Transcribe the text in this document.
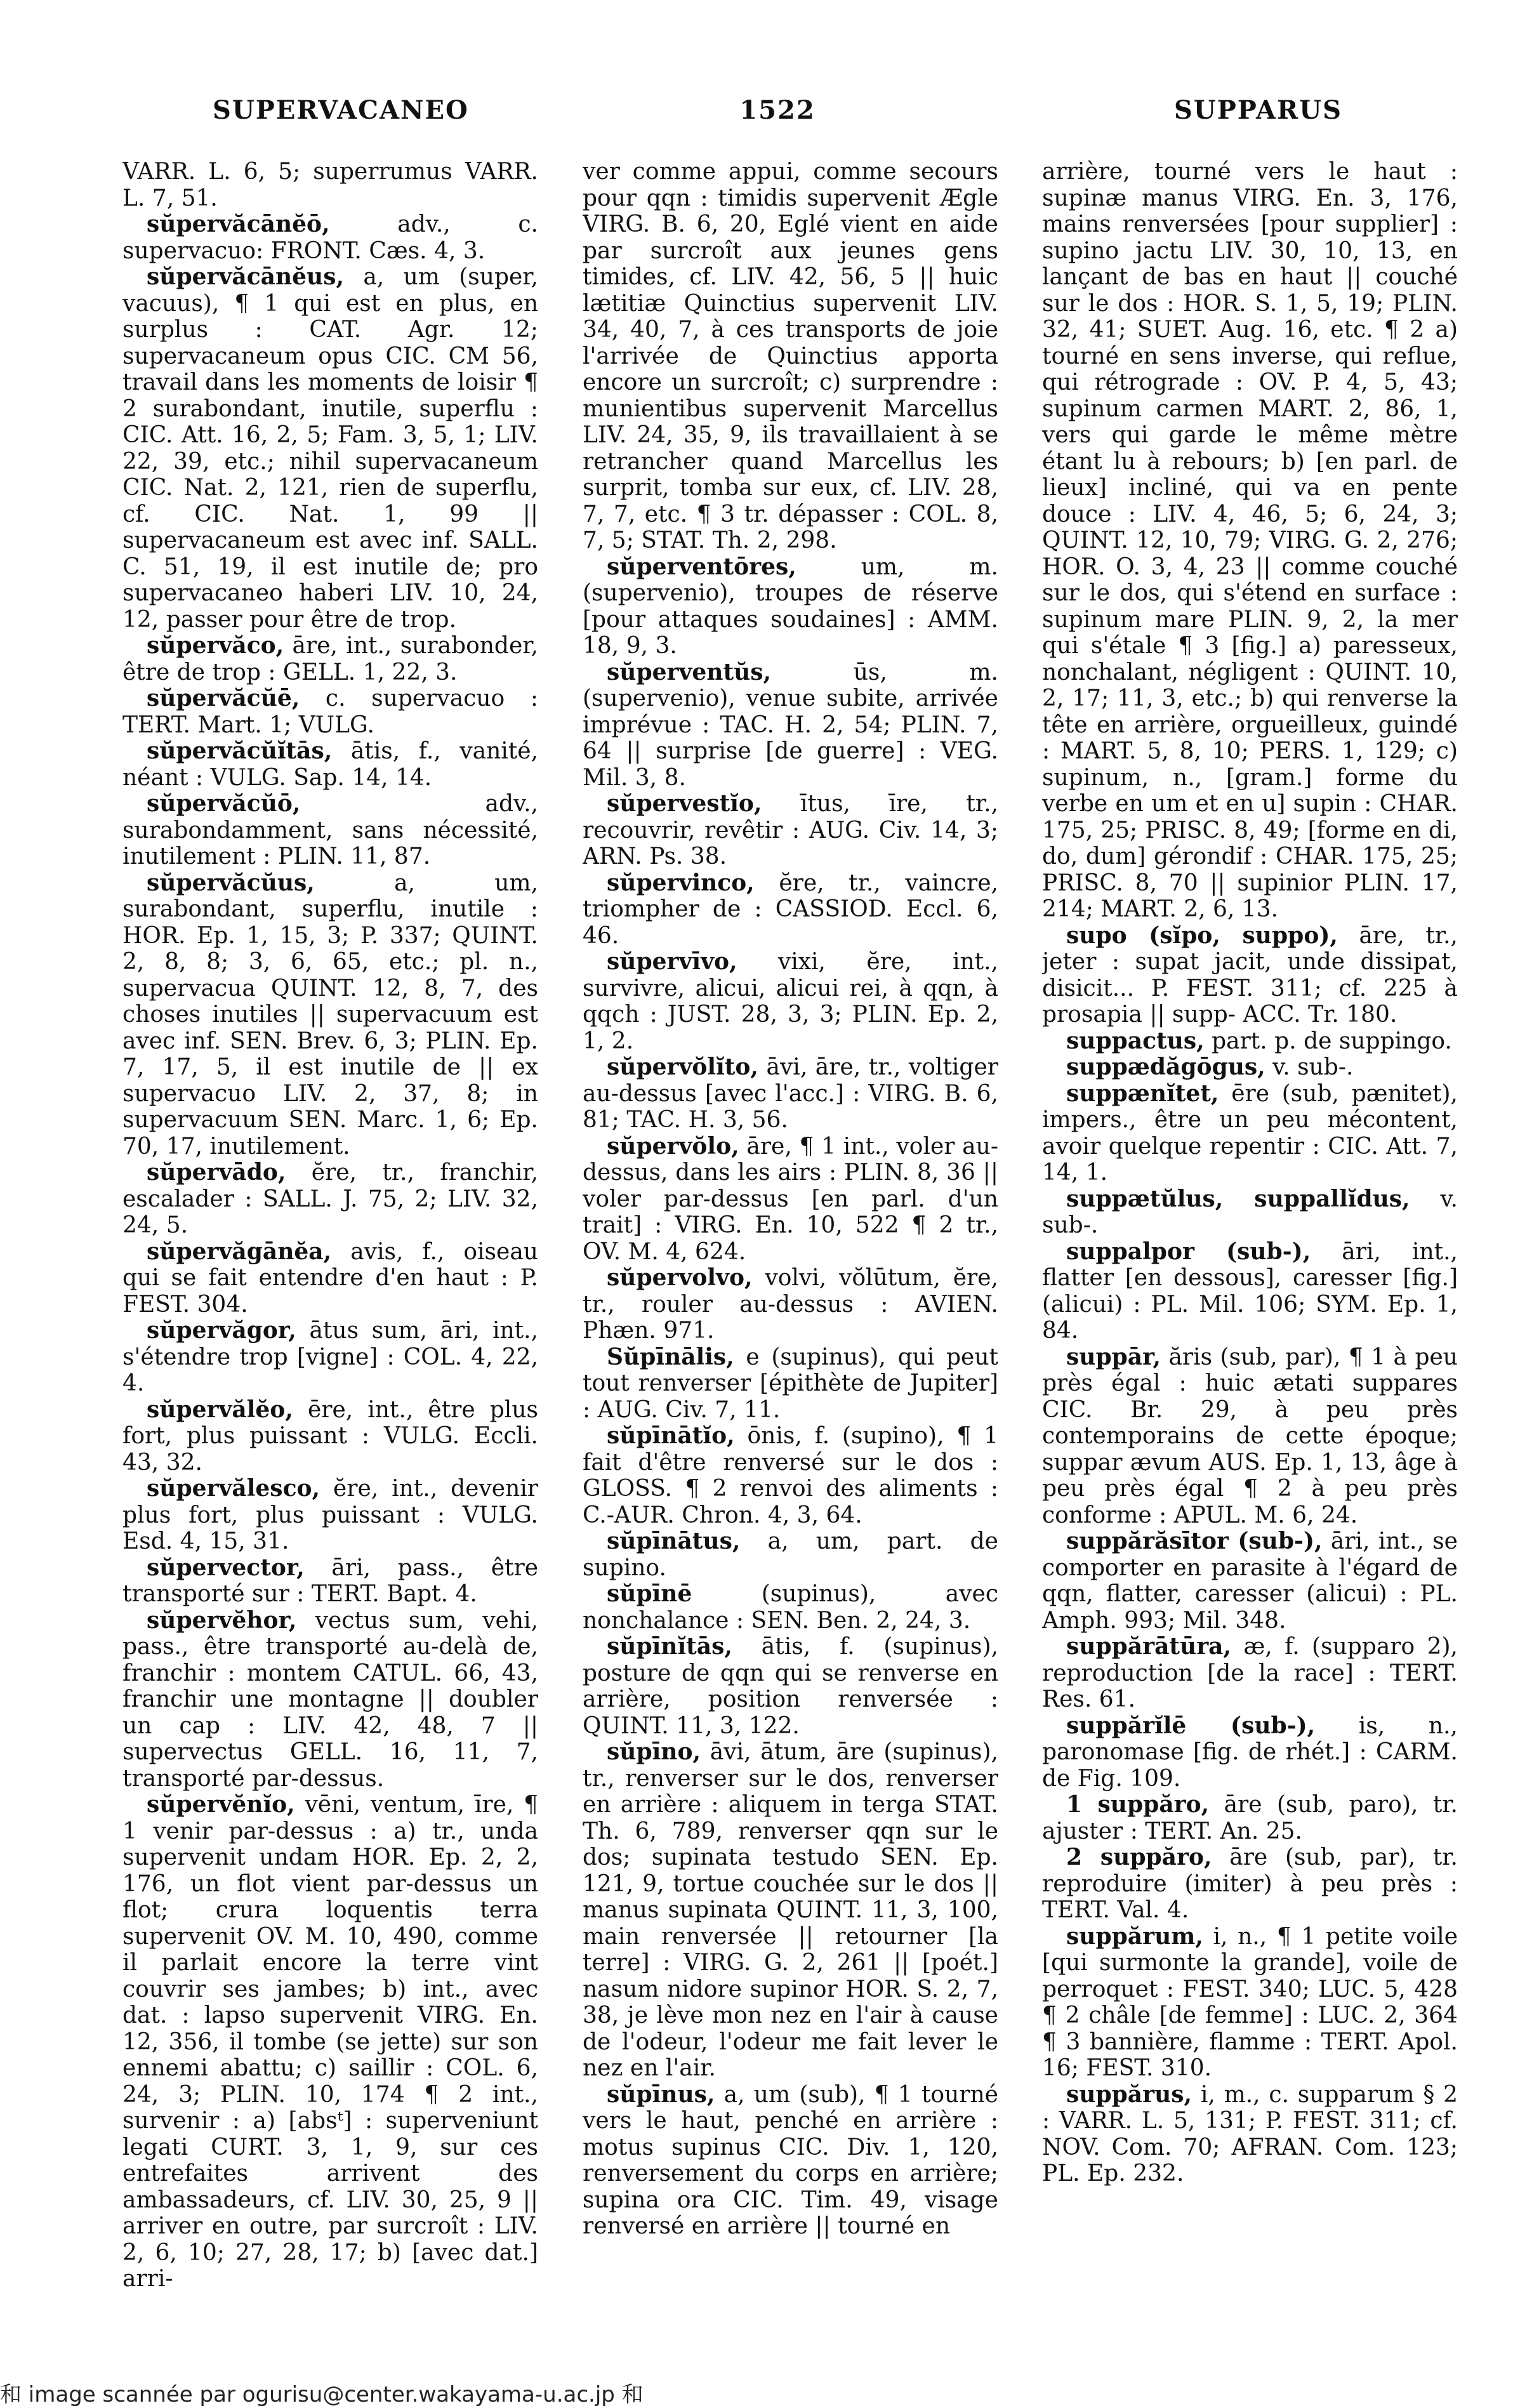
SUPERVACANEO	1522	SUPPARUS

VARR. L. 6, 5; superrumus VARR. L. 7, 51.

sŭpervăcānĕō,	adv., c. supervacuo: FRONT. Cæs. 4, 3.

sŭpervăcānĕus, a, um (super, vacuus), ¶ 1 qui est en plus, en surplus : CAT. Agr. 12; supervacaneum opus CIC. CM 56, travail dans les moments de loisir ¶ 2 surabondant, inutile, superflu : CIC. Att. 16, 2, 5; Fam. 3, 5, 1; LIV. 22, 39, etc.; nihil supervacaneum CIC. Nat. 2, 121, rien de superflu, cf. CIC. Nat. 1, 99 || supervacaneum est avec inf. SALL. C. 51, 19, il est inutile de; pro supervacaneo haberi LIV. 10, 24, 12, passer pour être de trop.

sŭpervăco, āre, int., surabonder, être de trop : GELL. 1, 22, 3.

sŭpervăcŭē, c. supervacuo : TERT. Mart. 1; VULG.

sŭpervăcŭĭtās, ātis, f., vanité, néant : VULG. Sap. 14, 14.

sŭpervăcŭō,	adv., surabondamment, sans nécessité, inutilement : PLIN. 11, 87.

sŭpervăcŭus,	a, um, surabondant, superflu, inutile : HOR. Ep. 1, 15, 3; P. 337; QUINT. 2, 8, 8; 3, 6, 65, etc.; pl. n., supervacua QUINT. 12, 8, 7, des choses inutiles || supervacuum est avec inf. SEN. Brev. 6, 3; PLIN. Ep. 7, 17, 5, il est inutile de || ex supervacuo LIV. 2, 37, 8; in supervacuum SEN. Marc. 1, 6; Ep. 70, 17, inutilement.

sŭpervādo, ĕre, tr., franchir, escalader : SALL. J. 75, 2; LIV. 32, 24, 5.

sŭpervăgānĕa, avis, f., oiseau qui se fait entendre d'en haut : P. FEST. 304.

sŭpervăgor, ātus sum, āri, int., s'étendre trop [vigne] : COL. 4, 22, 4.

sŭpervălĕo, ēre, int., être plus fort, plus puissant : VULG. Eccli. 43, 32.

sŭpervălesco, ĕre, int., devenir plus fort, plus puissant : VULG. Esd. 4, 15, 31.

sŭpervector, āri, pass., être transporté sur : TERT. Bapt. 4.

sŭpervĕhor, vectus sum, vehi, pass., être transporté au-delà de, franchir : montem CATUL. 66, 43, franchir une montagne || doubler un cap : LIV. 42, 48, 7 || supervectus GELL. 16, 11, 7, transporté par-dessus.

sŭpervĕnĭo, vēni, ventum, īre, ¶ 1 venir par-dessus : a) tr., unda supervenit undam HOR. Ep. 2, 2, 176, un flot vient par-dessus un flot; crura loquentis terra supervenit OV. M. 10, 490, comme il parlait encore la terre vint couvrir ses jambes; b) int., avec dat. : lapso supervenit VIRG. En. 12, 356, il tombe (se jette) sur son ennemi abattu; c) saillir : COL. 6, 24, 3; PLIN. 10, 174 ¶ 2 int., survenir : a) [absᵗ] : superveniunt legati CURT. 3, 1, 9, sur ces entrefaites arrivent des ambassadeurs, cf. LIV. 30, 25, 9 || arriver en outre, par surcroît : LIV. 2, 6, 10; 27, 28, 17; b) [avec dat.] arri-

ver comme appui, comme secours pour qqn : timidis supervenit Ægle VIRG. B. 6, 20, Eglé vient en aide par surcroît aux jeunes gens timides, cf. LIV. 42, 56, 5 || huic lætitiæ Quinctius supervenit LIV. 34, 40, 7, à ces transports de joie l'arrivée de Quinctius apporta encore un surcroît; c) surprendre : munientibus supervenit Marcellus LIV. 24, 35, 9, ils travaillaient à se retrancher quand Marcellus les surprit, tomba sur eux, cf. LIV. 28, 7, 7, etc. ¶ 3 tr. dépasser : COL. 8, 7, 5; STAT. Th. 2, 298.

sŭperventōres,	um, m. (supervenio), troupes de réserve [pour attaques soudaines] : AMM. 18, 9, 3.

sŭperventŭs,	ūs, m. (supervenio), venue subite, arrivée imprévue : TAC. H. 2, 54; PLIN. 7, 64 || surprise [de guerre] : VEG. Mil. 3, 8.

sŭpervestĭo, ītus, īre, tr., recouvrir, revêtir : AUG. Civ. 14, 3; ARN. Ps. 38.

sŭpervinco, ĕre, tr., vaincre, triompher de : CASSIOD. Eccl. 6, 46.

sŭpervīvo, vixi, ĕre, int., survivre, alicui, alicui rei, à qqn, à qqch : JUST. 28, 3, 3; PLIN. Ep. 2, 1, 2.

sŭpervŏlĭto, āvi, āre, tr., voltiger au-dessus [avec l'acc.] : VIRG. B. 6, 81; TAC. H. 3, 56.

sŭpervŏlo, āre, ¶ 1 int., voler au-dessus, dans les airs : PLIN. 8, 36 || voler par-dessus [en parl. d'un trait] : VIRG. En. 10, 522 ¶ 2 tr., OV. M. 4, 624.

sŭpervolvo, volvi, vŏlūtum, ĕre, tr., rouler au-dessus : AVIEN. Phæn. 971.

Sŭpīnālis, e (supinus), qui peut tout renverser [épithète de Jupiter] : AUG. Civ. 7, 11.

sŭpīnātĭo, ōnis, f. (supino), ¶ 1 fait d'être renversé sur le dos : GLOSS. ¶ 2 renvoi des aliments : C.-AUR. Chron. 4, 3, 64.

sŭpīnātus, a, um, part. de supino.

sŭpīnē	(supinus), avec nonchalance : SEN. Ben. 2, 24, 3.

sŭpīnĭtās, ātis, f. (supinus), posture de qqn qui se renverse en arrière, position renversée : QUINT. 11, 3, 122.

sŭpīno, āvi, ātum, āre (supinus), tr., renverser sur le dos, renverser en arrière : aliquem in terga STAT. Th. 6, 789, renverser qqn sur le dos; supinata testudo SEN. Ep. 121, 9, tortue couchée sur le dos || manus supinata QUINT. 11, 3, 100, main renversée || retourner [la terre] : VIRG. G. 2, 261 || [poét.] nasum nidore supinor HOR. S. 2, 7, 38, je lève mon nez en l'air à cause de l'odeur, l'odeur me fait lever le nez en l'air.

sŭpīnus, a, um (sub), ¶ 1 tourné vers le haut, penché en arrière : motus supinus CIC. Div. 1, 120, renversement du corps en arrière; supina ora CIC. Tim. 49, visage renversé en arrière || tourné en

arrière, tourné vers le haut : supinæ manus VIRG. En. 3, 176, mains renversées [pour supplier] : supino jactu LIV. 30, 10, 13, en lançant de bas en haut || couché sur le dos : HOR. S. 1, 5, 19; PLIN. 32, 41; SUET. Aug. 16, etc. ¶ 2 a) tourné en sens inverse, qui reflue, qui rétrograde : OV. P. 4, 5, 43; supinum carmen MART. 2, 86, 1, vers qui garde le même mètre étant lu à rebours; b) [en parl. de lieux] incliné, qui va en pente douce : LIV. 4, 46, 5; 6, 24, 3; QUINT. 12, 10, 79; VIRG. G. 2, 276; HOR. O. 3, 4, 23 || comme couché sur le dos, qui s'étend en surface : supinum mare PLIN. 9, 2, la mer qui s'étale ¶ 3 [fig.] a) paresseux, nonchalant, négligent : QUINT. 10, 2, 17; 11, 3, etc.; b) qui renverse la tête en arrière, orgueilleux, guindé : MART. 5, 8, 10; PERS. 1, 129; c) supinum, n., [gram.] forme du verbe en um et en u] supin : CHAR. 175, 25; PRISC. 8, 49; [forme en di, do, dum] gérondif : CHAR. 175, 25; PRISC. 8, 70 || supinior PLIN. 17, 214; MART. 2, 6, 13.

supo (sĭpo, suppo), āre, tr., jeter : supat jacit, unde dissipat, disicit... P. FEST. 311; cf. 225 à prosapia || supp- ACC. Tr. 180.

suppactus, part. p. de suppingo.

suppædăgōgus, v. sub-.

suppænĭtet, ēre (sub, pænitet), impers., être un peu mécontent, avoir quelque repentir : CIC. Att. 7, 14, 1.

suppætŭlus, suppallĭdus, v. sub-.

suppalpor (sub-), āri, int., flatter [en dessous], caresser [fig.] (alicui) : PL. Mil. 106; SYM. Ep. 1, 84.

suppār, ăris (sub, par), ¶ 1 à peu près égal : huic ætati suppares CIC. Br. 29, à peu près contemporains de cette époque; suppar ævum AUS. Ep. 1, 13, âge à peu près égal ¶ 2 à peu près conforme : APUL. M. 6, 24.

suppărăsītor (sub-), āri, int., se comporter en parasite à l'égard de qqn, flatter, caresser (alicui) : PL. Amph. 993; Mil. 348.

suppărātūra, æ, f. (supparo 2), reproduction [de la race] : TERT. Res. 61.

suppărĭlē (sub-), is, n., paronomase [fig. de rhét.] : CARM. de Fig. 109.

1 suppăro, āre (sub, paro), tr. ajuster : TERT. An. 25.

2 suppăro, āre (sub, par), tr. reproduire (imiter) à peu près : TERT. Val. 4.

suppărum, i, n., ¶ 1 petite voile [qui surmonte la grande], voile de perroquet : FEST. 340; LUC. 5, 428 ¶ 2 châle [de femme] : LUC. 2, 364 ¶ 3 bannière, flamme : TERT. Apol. 16; FEST. 310.

suppărus, i, m., c. supparum § 2 : VARR. L. 5, 131; P. FEST. 311; cf. NOV. Com. 70; AFRAN. Com. 123; PL. Ep. 232.

和 image scannée par ogurisu@center.wakayama-u.ac.jp 和
